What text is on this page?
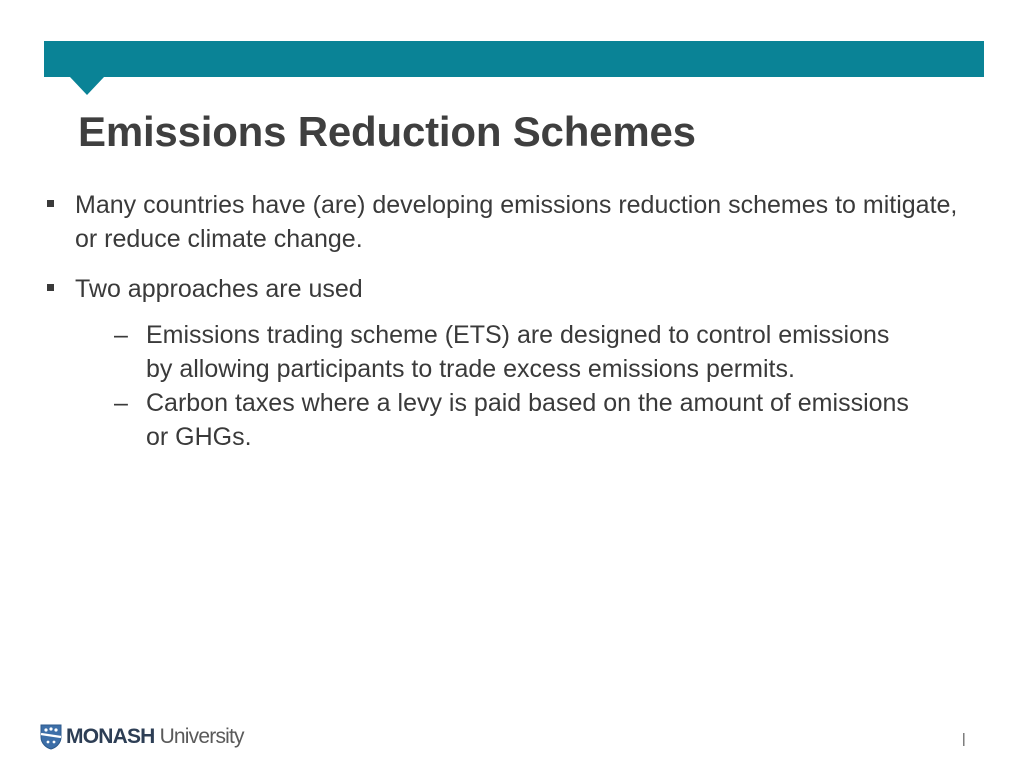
Emissions Reduction Schemes
Many countries have (are) developing emissions reduction schemes to mitigate, or reduce climate change.
Two approaches are used
– Emissions trading scheme (ETS) are designed to control emissions by allowing participants to trade excess emissions permits.
– Carbon taxes where a levy is paid based on the amount of emissions or GHGs.
MONASH University	|
